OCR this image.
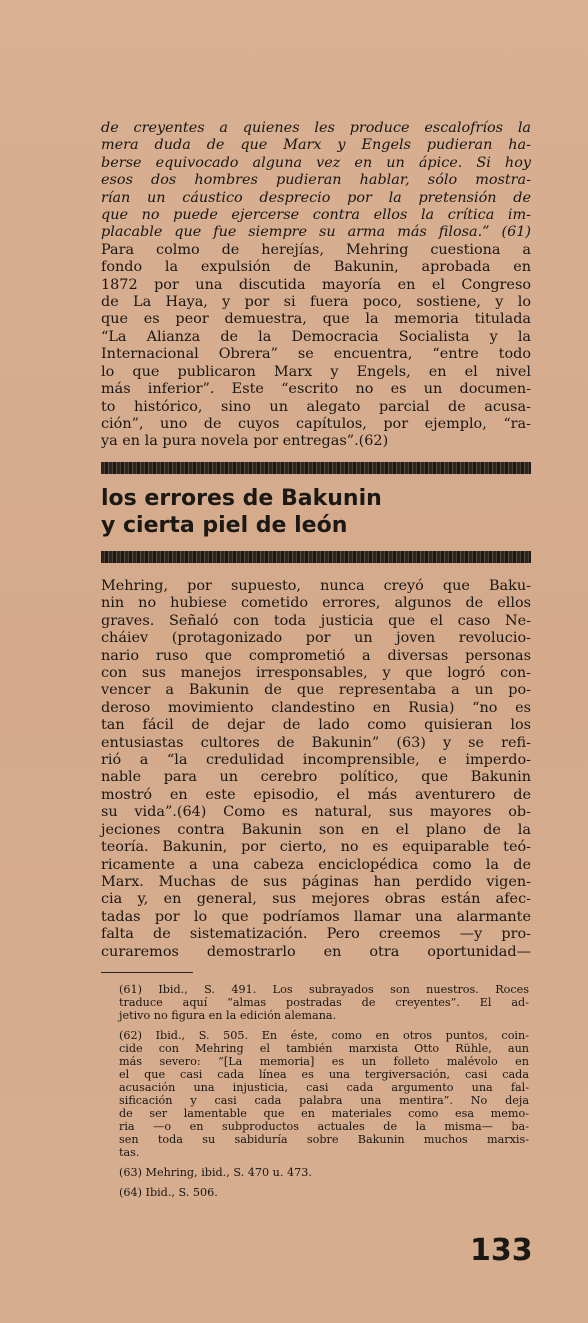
de creyentes a quienes les produce escalofríos la
mera duda de que Marx y Engels pudieran ha-
berse equivocado alguna vez en un ápice. Si hoy
esos dos hombres pudieran hablar, sólo mostra-
rían un cáustico desprecio por la pretensión de
que no puede ejercerse contra ellos la crítica im-
placable que fue siempre su arma más filosa.” (61)
Para colmo de herejías, Mehring cuestiona a
fondo la expulsión de Bakunin, aprobada en
1872 por una discutida mayoría en el Congreso
de La Haya, y por si fuera poco, sostiene, y lo
que es peor demuestra, que la memoria titulada
“La Alianza de la Democracia Socialista y la
Internacional Obrera” se encuentra, “entre todo
lo que publicaron Marx y Engels, en el nivel
más inferior”. Este “escrito no es un documen-
to histórico, sino un alegato parcial de acusa-
ción”, uno de cuyos capítulos, por ejemplo, “ra-
ya en la pura novela por entregas”.(62)
los errores de Bakunin
y cierta piel de león
Mehring, por supuesto, nunca creyó que Baku-
nin no hubiese cometido errores, algunos de ellos
graves. Señaló con toda justicia que el caso Ne-
cháiev (protagonizado por un joven revolucio-
nario ruso que comprometió a diversas personas
con sus manejos irresponsables, y que logró con-
vencer a Bakunin de que representaba a un po-
deroso movimiento clandestino en Rusia) “no es
tan fácil de dejar de lado como quisieran los
entusiastas cultores de Bakunin” (63) y se refi-
rió a “la credulidad incomprensible, e imperdo-
nable para un cerebro político, que Bakunin
mostró en este episodio, el más aventurero de
su vida”.(64) Como es natural, sus mayores ob-
jeciones contra Bakunin son en el plano de la
teoría. Bakunin, por cierto, no es equiparable teó-
ricamente a una cabeza enciclopédica como la de
Marx. Muchas de sus páginas han perdido vigen-
cia y, en general, sus mejores obras están afec-
tadas por lo que podríamos llamar una alarmante
falta de sistematización. Pero creemos —y pro-
curaremos demostrarlo en otra oportunidad—
(61) Ibid., S. 491. Los subrayados son nuestros. Roces
traduce aquí “almas postradas de creyentes”. El ad-
jetivo no figura en la edición alemana.
(62) Ibid., S. 505. En éste, como en otros puntos, coin-
cide con Mehring el también marxista Otto Rühle, aun
más severo: “[La memoria] es un folleto malévolo en
el que casi cada línea es una tergiversación, casi cada
acusación una injusticia, casi cada argumento una fal-
sificación y casi cada palabra una mentira”. No deja
de ser lamentable que en materiales como esa memo-
ria —o en subproductos actuales de la misma— ba-
sen toda su sabiduría sobre Bakunin muchos marxis-
tas.
(63) Mehring, ibid., S. 470 u. 473.
(64) Ibid., S. 506.
133
